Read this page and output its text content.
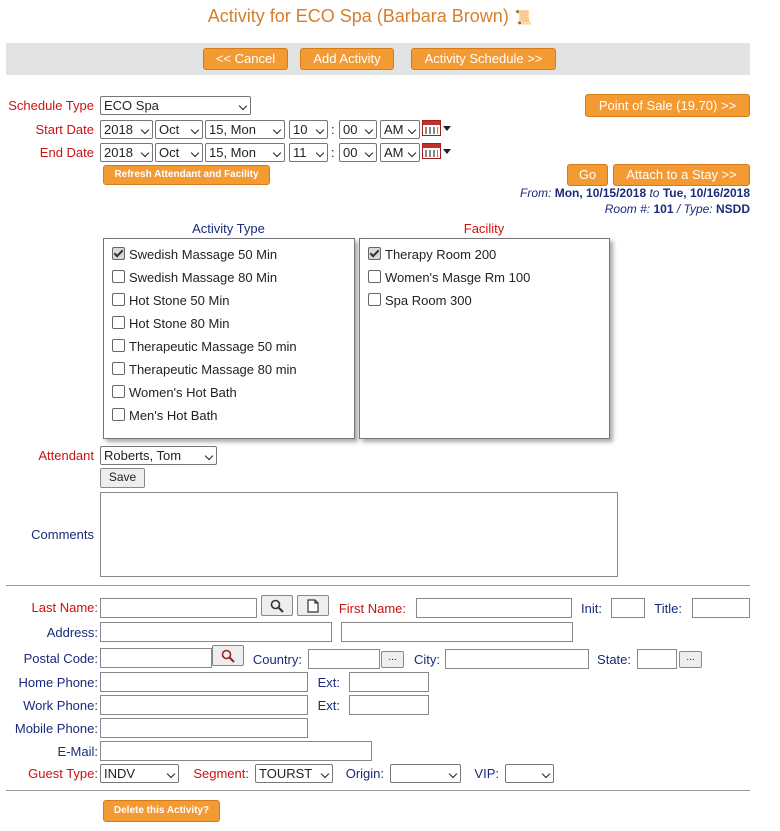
Activity for ECO Spa (Barbara Brown) 📜
<< Cancel	Add Activity	Activity Schedule >>
Schedule Type ECO Spa	Point of Sale (19.70) >>
Start Date 2018	Oct	15, Mon	10	: 00	AM
End Date 2018	Oct	15, Mon	11	: 00	AM
Refresh Attendant and Facility	Go	Attach to a Stay >>
From: Mon, 10/15/2018 to Tue, 10/16/2018
Room #: 101 / Type: NSDD
Activity Type	Facility
Swedish Massage 50 Min
Swedish Massage 80 Min
Hot Stone 50 Min
Hot Stone 80 Min
Therapeutic Massage 50 min
Therapeutic Massage 80 min
Women's Hot Bath
Men's Hot Bath
Therapy Room 200
Women's Masge Rm 100
Spa Room 300
Attendant Roberts, Tom
Save
Comments
Last Name:	First Name:	Init:	Title:
Address:
Postal Code:	Country:	...	City:	State:	...
Home Phone:	Ext:
Work Phone:	Ext:
Mobile Phone:
E-Mail:
Guest Type: INDV	Segment: TOURST	Origin:	VIP:
Delete this Activity?
